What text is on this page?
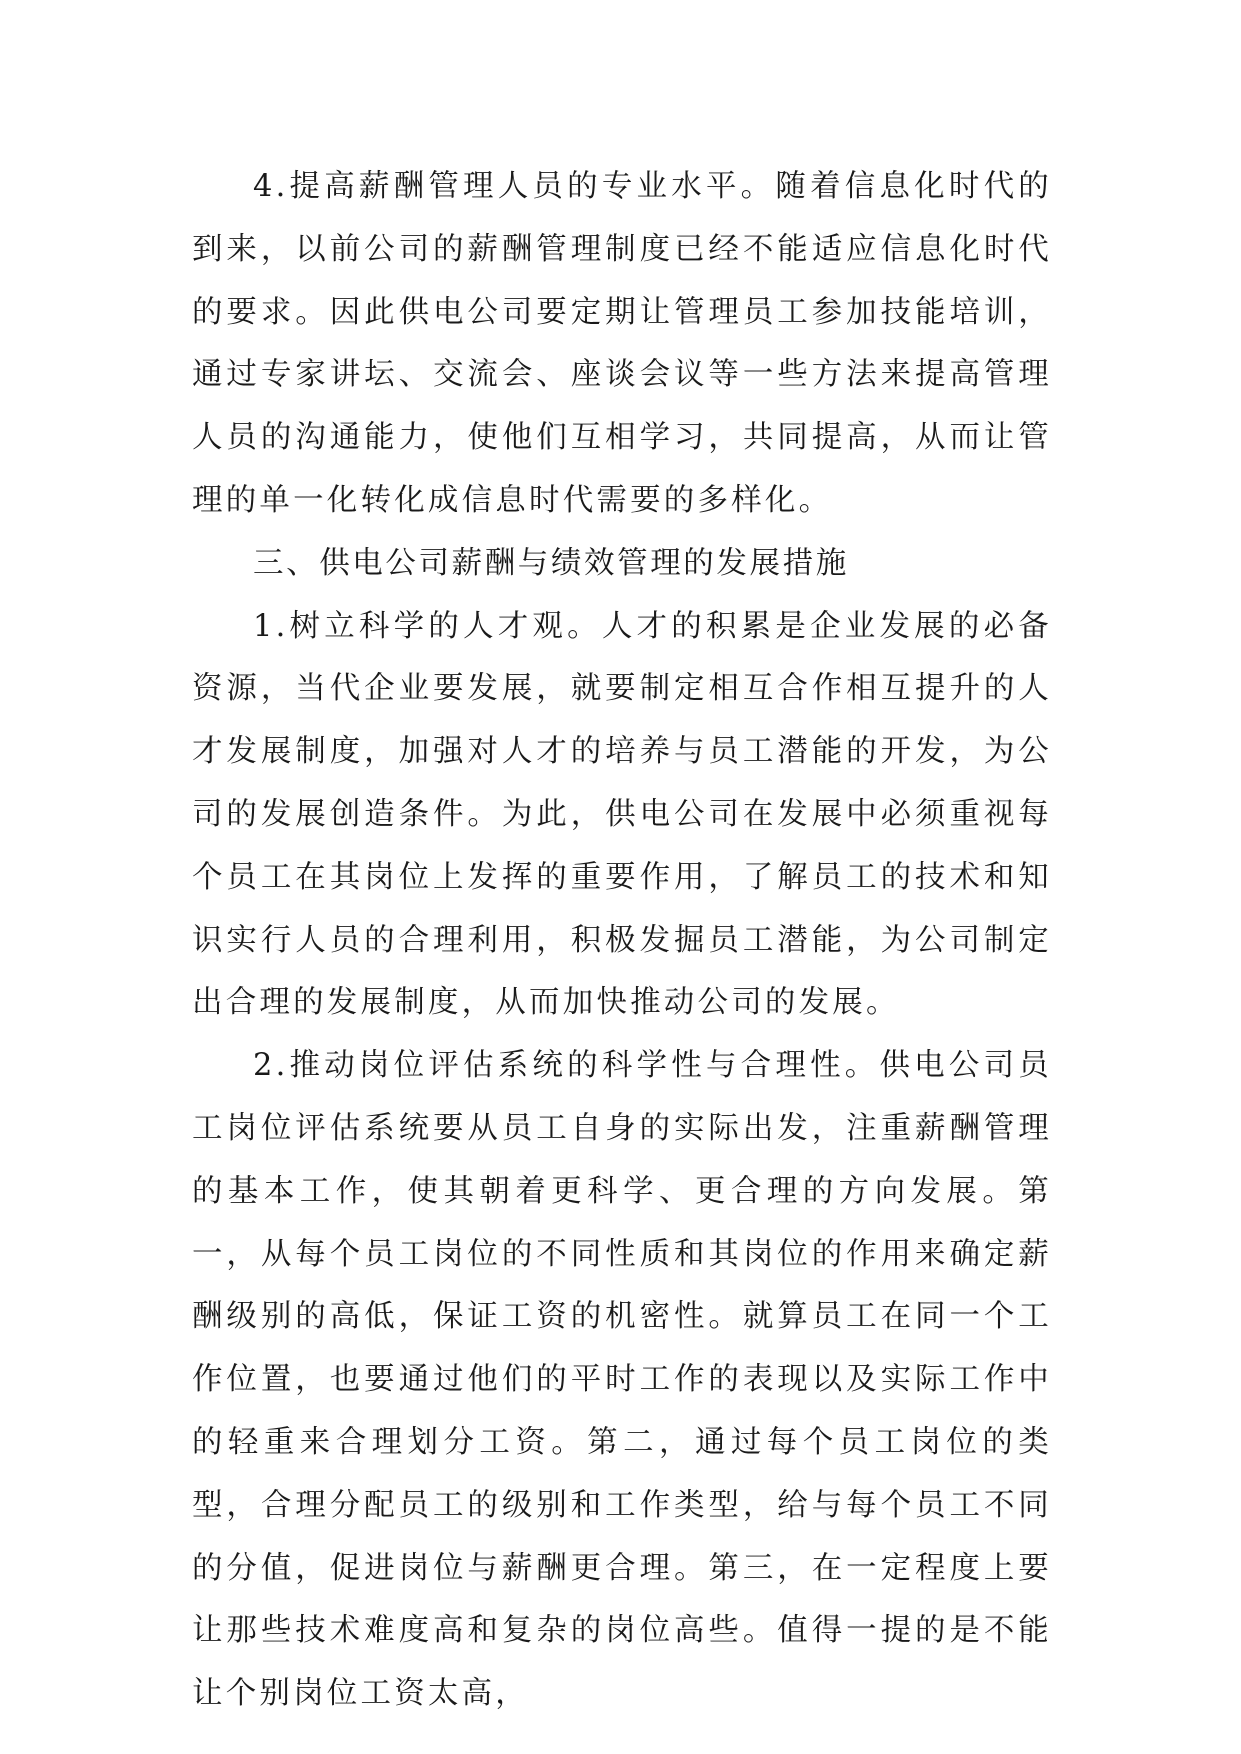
4.提高薪酬管理人员的专业水平。随着信息化时代的到来，以前公司的薪酬管理制度已经不能适应信息化时代的要求。因此供电公司要定期让管理员工参加技能培训，通过专家讲坛、交流会、座谈会议等一些方法来提高管理人员的沟通能力，使他们互相学习，共同提高，从而让管理的单一化转化成信息时代需要的多样化。

三、供电公司薪酬与绩效管理的发展措施

1.树立科学的人才观。人才的积累是企业发展的必备资源，当代企业要发展，就要制定相互合作相互提升的人才发展制度，加强对人才的培养与员工潜能的开发，为公司的发展创造条件。为此，供电公司在发展中必须重视每个员工在其岗位上发挥的重要作用，了解员工的技术和知识实行人员的合理利用，积极发掘员工潜能，为公司制定出合理的发展制度，从而加快推动公司的发展。

2.推动岗位评估系统的科学性与合理性。供电公司员工岗位评估系统要从员工自身的实际出发，注重薪酬管理的基本工作，使其朝着更科学、更合理的方向发展。第一，从每个员工岗位的不同性质和其岗位的作用来确定薪酬级别的高低，保证工资的机密性。就算员工在同一个工作位置，也要通过他们的平时工作的表现以及实际工作中的轻重来合理划分工资。第二，通过每个员工岗位的类型，合理分配员工的级别和工作类型，给与每个员工不同的分值，促进岗位与薪酬更合理。第三，在一定程度上要让那些技术难度高和复杂的岗位高些。值得一提的是不能让个别岗位工资太高，
